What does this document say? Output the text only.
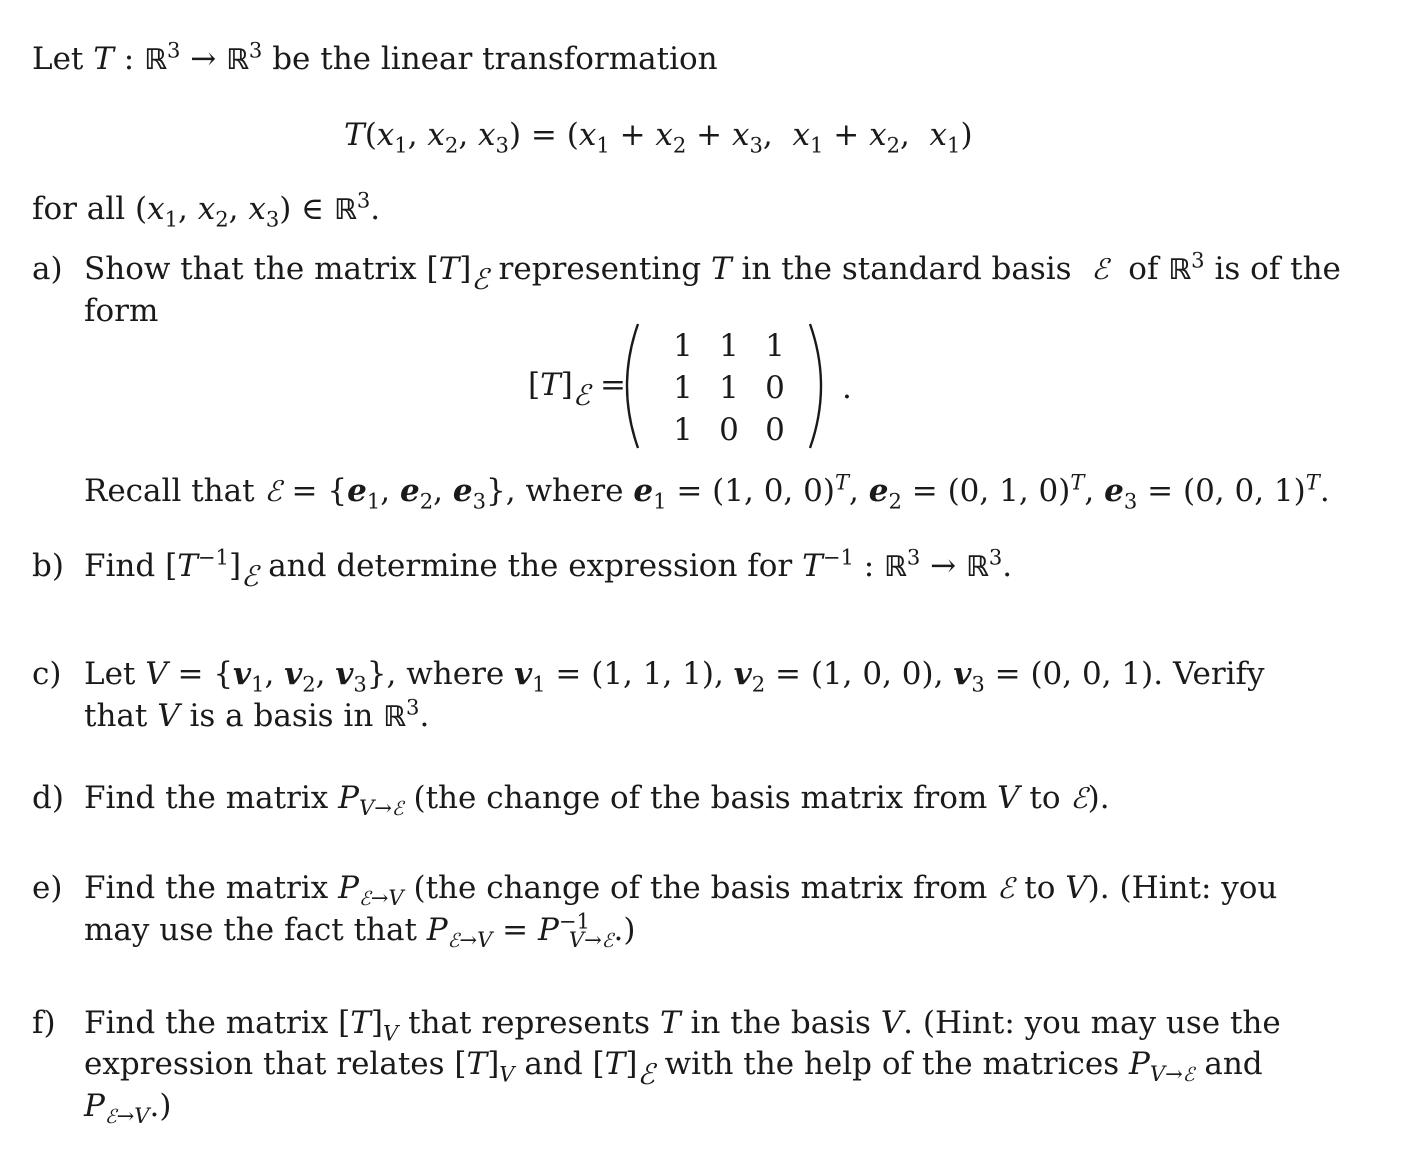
Let T : ℝ$^3$ → ℝ$^3$ be the linear transformation
$T(x_1$, $x_2$, $x_3) = (x_1 + x_2 + x_3$,  $x_1 + x_2$,  $x_1$)
for all ($x_1$, $x_2$, $x_3$) ∈ ℝ$^3$.
a) Show that the matrix $[T]_ℰ$ representing T in the standard basis ℰ of ℝ$^3$ is of the
form
$[T]_ℰ$ =
1 1 1
1 1 0
1 0 0
.
Recall that ℰ = {$e_1$, $e_2$, $e_3$}, where $e_1 = (1$, 0, 0)$^T$, $e_2 = (0$, 1, 0)$^T$, $e_3 = (0$, 0, 1)$^T$.
b) Find $[T^{-1}]_ℰ$ and determine the expression for $T^{-1}$ : ℝ$^3$ → ℝ$^3$.
c) Let $V = \{v_1$, $v_2$, $v_3$}, where $v_1 = (1$, 1, 1), $v_2 = (1$, 0, 0), $v_3 = (0$, 0, 1). Verify
that V is a basis in ℝ$^3$.
d) Find the matrix $P_{V\to ℰ}$ (the change of the basis matrix from V to ℰ).
e) Find the matrix $P_{ℰ\to V}$ (the change of the basis matrix from ℰ to V). (Hint: you
may use the fact that $P_{ℰ\to V} = P^{-1}_{V\to ℰ}$.)
f) Find the matrix $[T]_V$ that represents T in the basis V. (Hint: you may use the
expression that relates $[T]_V$ and $[T]_ℰ$ with the help of the matrices $P_{V\to ℰ}$ and
$P_{ℰ\to V}$.)
